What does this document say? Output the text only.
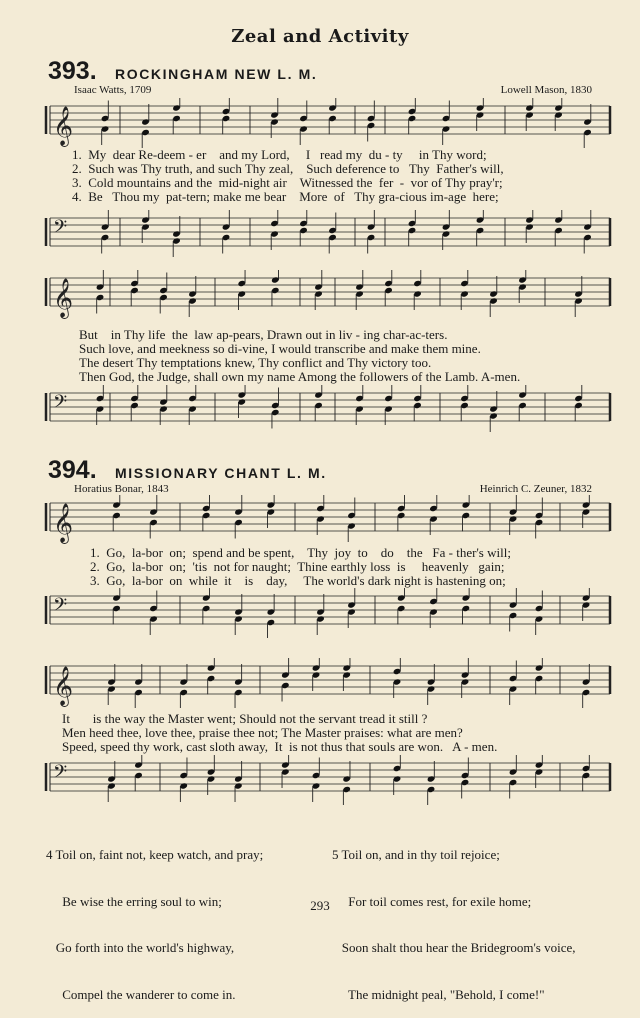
Zeal and Activity
393. ROCKINGHAM NEW L. M.
Isaac Watts, 1709	Lowell Mason, 1830
𝄞
1.  My  dear Re-deem - er    and my Lord,     I   read my  du - ty     in Thy word;
2.  Such was Thy truth, and such Thy zeal,    Such deference to   Thy  Father's will,
3.  Cold mountains and the  mid-night air    Witnessed the  fer  -  vor of Thy pray'r;
4.  Be   Thou my  pat-tern; make me bear    More  of   Thy gra-cious im-age  here;
𝄢
𝄞
But    in Thy life  the  law ap-pears, Drawn out in liv - ing char-ac-ters.
Such love, and meekness so di-vine, I would transcribe and make them mine.
The desert Thy temptations knew, Thy conflict and Thy victory too.
Then God, the Judge, shall own my name Among the followers of the Lamb. A-men.
𝄢
394. MISSIONARY CHANT L. M.
Horatius Bonar, 1843	Heinrich C. Zeuner, 1832
𝄞
1.  Go,  la-bor  on;  spend and be spent,    Thy  joy  to    do    the   Fa - ther's will;
2.  Go,  la-bor  on;  'tis  not for naught;  Thine earthly loss  is     heavenly   gain;
3.  Go,  la-bor  on  while  it    is    day,     The world's dark night is hastening on;
𝄢
𝄞
It       is the way the Master went; Should not the servant tread it still ?
Men heed thee, love thee, praise thee not; The Master praises: what are men?
Speed, speed thy work, cast sloth away,  It  is not thus that souls are won.   A - men.
𝄢

4 Toil on, faint not, keep watch, and pray;

Be wise the erring soul to win;

Go forth into the world's highway,

Compel the wanderer to come in.

5 Toil on, and in thy toil rejoice;

For toil comes rest, for exile home;

Soon shalt thou hear the Bridegroom's voice,

The midnight peal, "Behold, I come!"

293
